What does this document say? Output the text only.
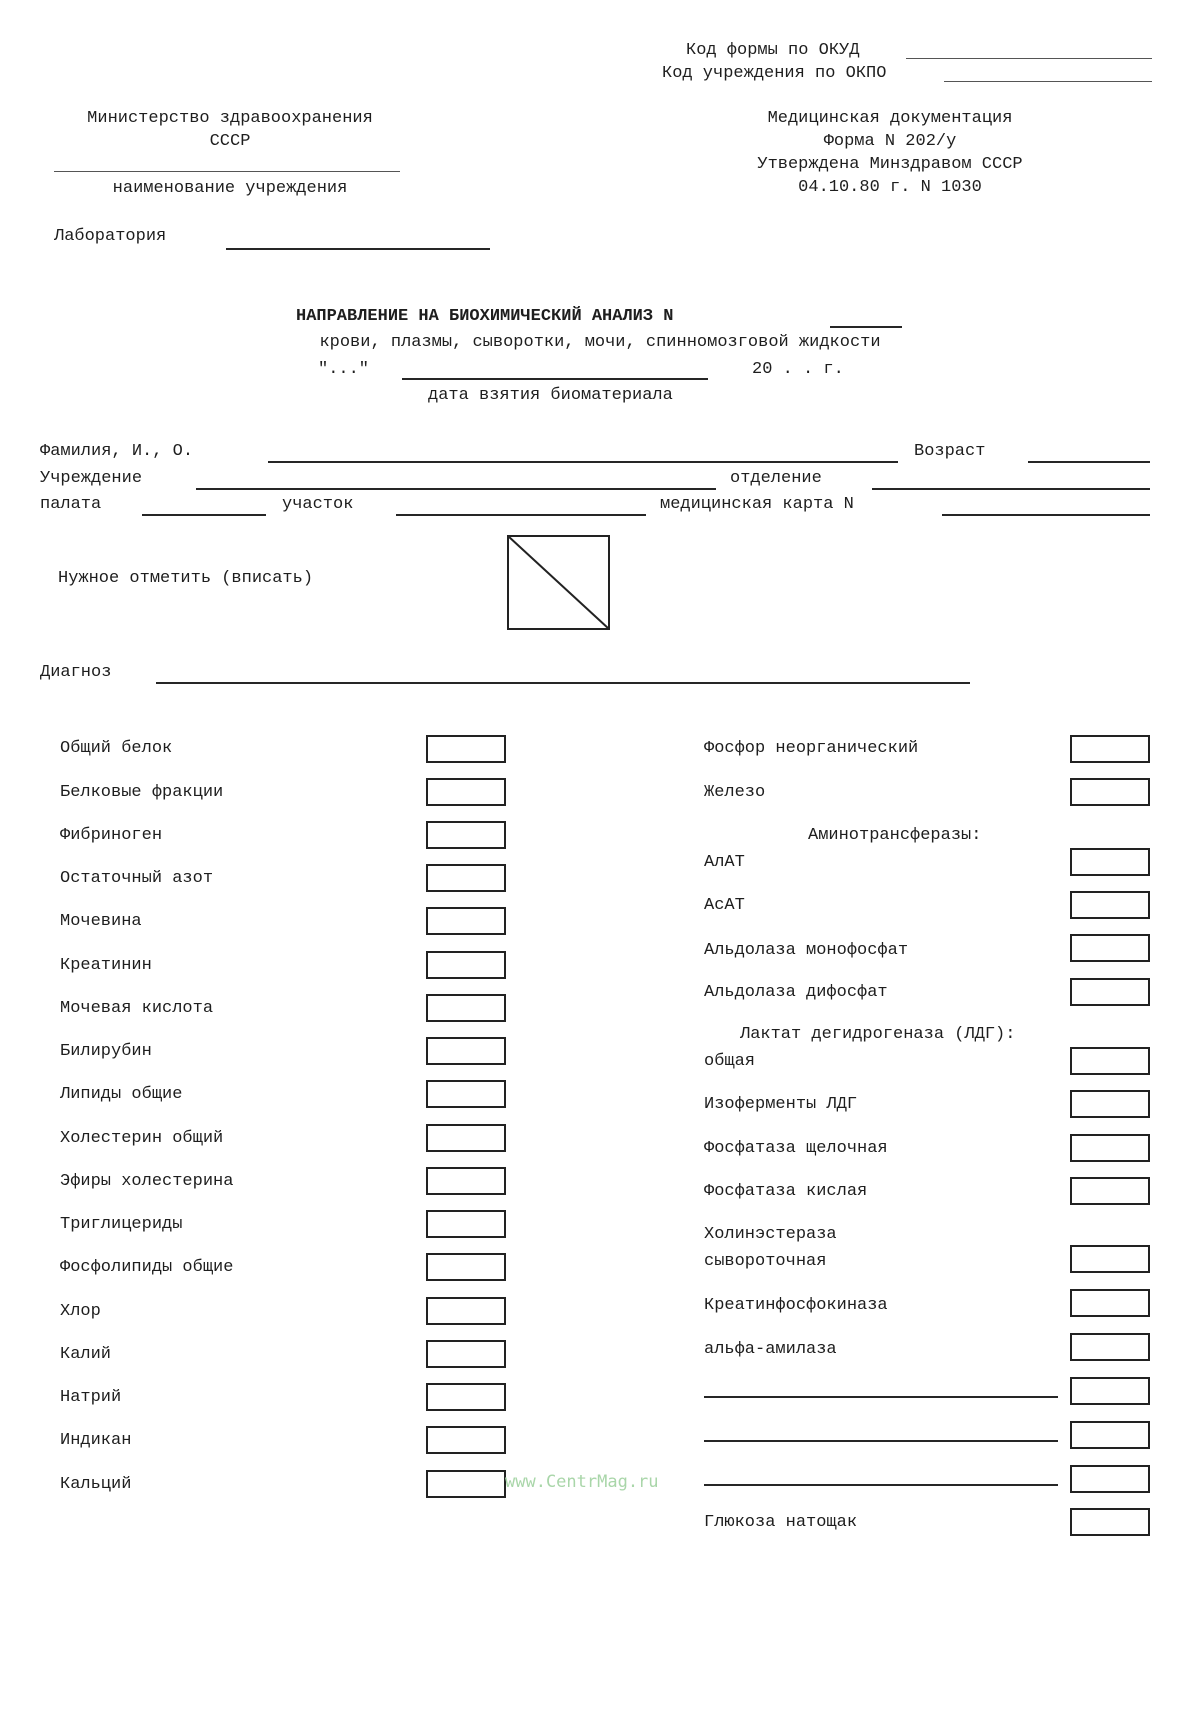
Код формы по ОКУД
Код учреждения по ОКПО
Министерство здравоохранения
СССР
наименование учреждения
Медицинская документация
Форма N 202/у
Утверждена Минздравом СССР
04.10.80 г. N 1030
Лаборатория
НАПРАВЛЕНИЕ НА БИОХИМИЧЕСКИЙ АНАЛИЗ N
крови, плазмы, сыворотки, мочи, спинномозговой жидкости
"..."	20 . . г.
дата взятия биоматериала
Фамилия, И., О.	Возраст
Учреждение	отделение
палата	участок	медицинская карта N
Нужное отметить (вписать)
Диагноз
Общий белок
Белковые фракции
Фибриноген
Остаточный азот
Мочевина
Креатинин
Мочевая кислота
Билирубин
Липиды общие
Холестерин общий
Эфиры холестерина
Триглицериды
Фосфолипиды общие
Хлор
Калий
Натрий
Индикан
Кальций
Фосфор неорганический
Железо
Аминотрансферазы:
АлАТ
АсАТ
Альдолаза монофосфат
Альдолаза дифосфат
Лактат дегидрогеназа (ЛДГ):
общая
Изоферменты ЛДГ
Фосфатаза щелочная
Фосфатаза кислая
Холинэстераза
сывороточная
Креатинфосфокиназа
альфа-амилаза
Глюкоза натощак
www.CentrMag.ru
